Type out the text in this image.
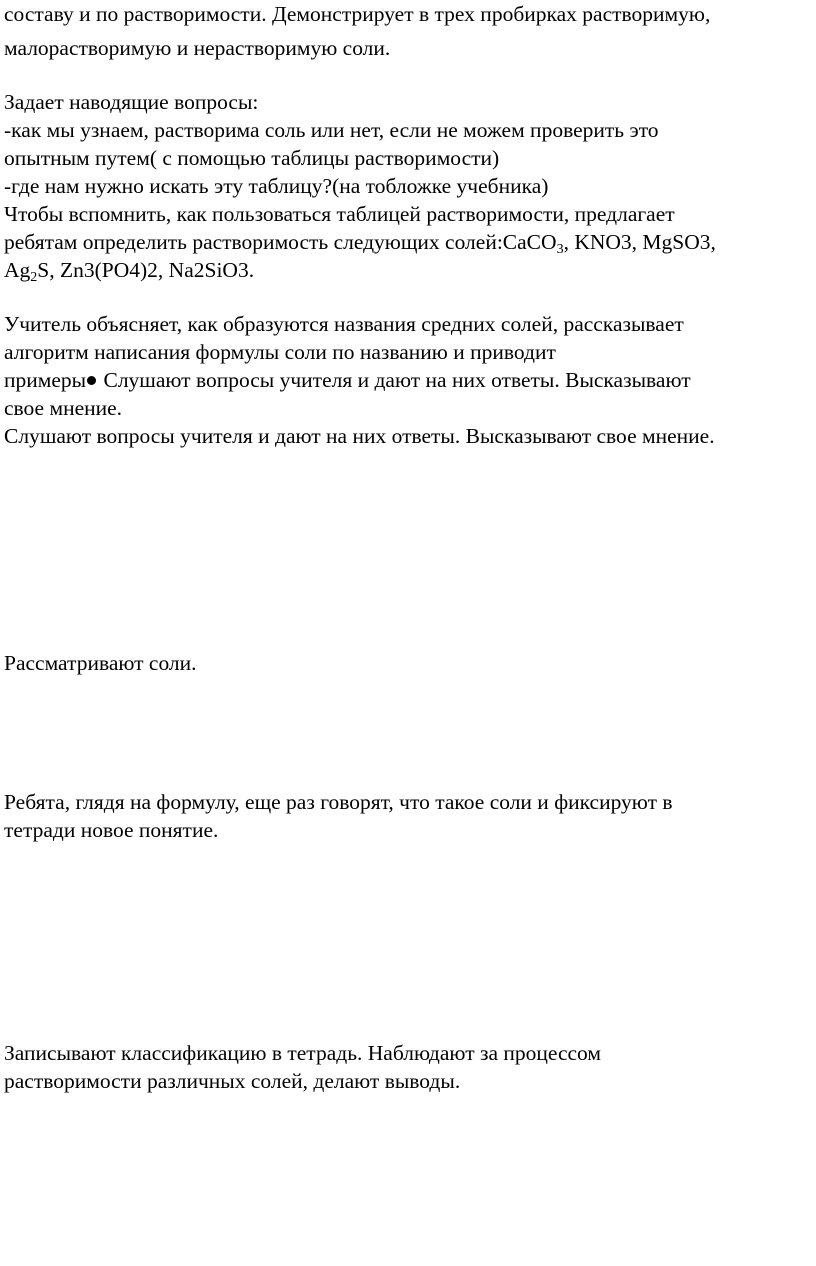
составу и по растворимости. Демонстрирует в трех пробирках растворимую,
малорастворимую и нерастворимую соли.
Задает наводящие вопросы:
-как мы узнаем, растворима соль или нет, если не можем проверить это
опытным путем( с помощью таблицы растворимости)
-где нам нужно искать эту таблицу?(на тобложке учебника)
Чтобы вспомнить, как пользоваться таблицей растворимости, предлагает
ребятам определить растворимость следующих солей:CaCO$_3$, KNO3, MgSO3,
$Ag_2S$, Zn3(PO4)2, Na2SiO3.
Учитель объясняет, как образуются названия средних солей, рассказывает
алгоритм написания формулы соли по названию и приводит
примеры Слушают вопросы учителя и дают на них ответы. Высказывают
свое мнение.
Слушают вопросы учителя и дают на них ответы. Высказывают свое мнение.
Рассматривают соли.
Ребята, глядя на формулу, еще раз говорят, что такое соли и фиксируют в
тетради новое понятие.
Записывают классификацию в тетрадь. Наблюдают за процессом
растворимости различных солей, делают выводы.
